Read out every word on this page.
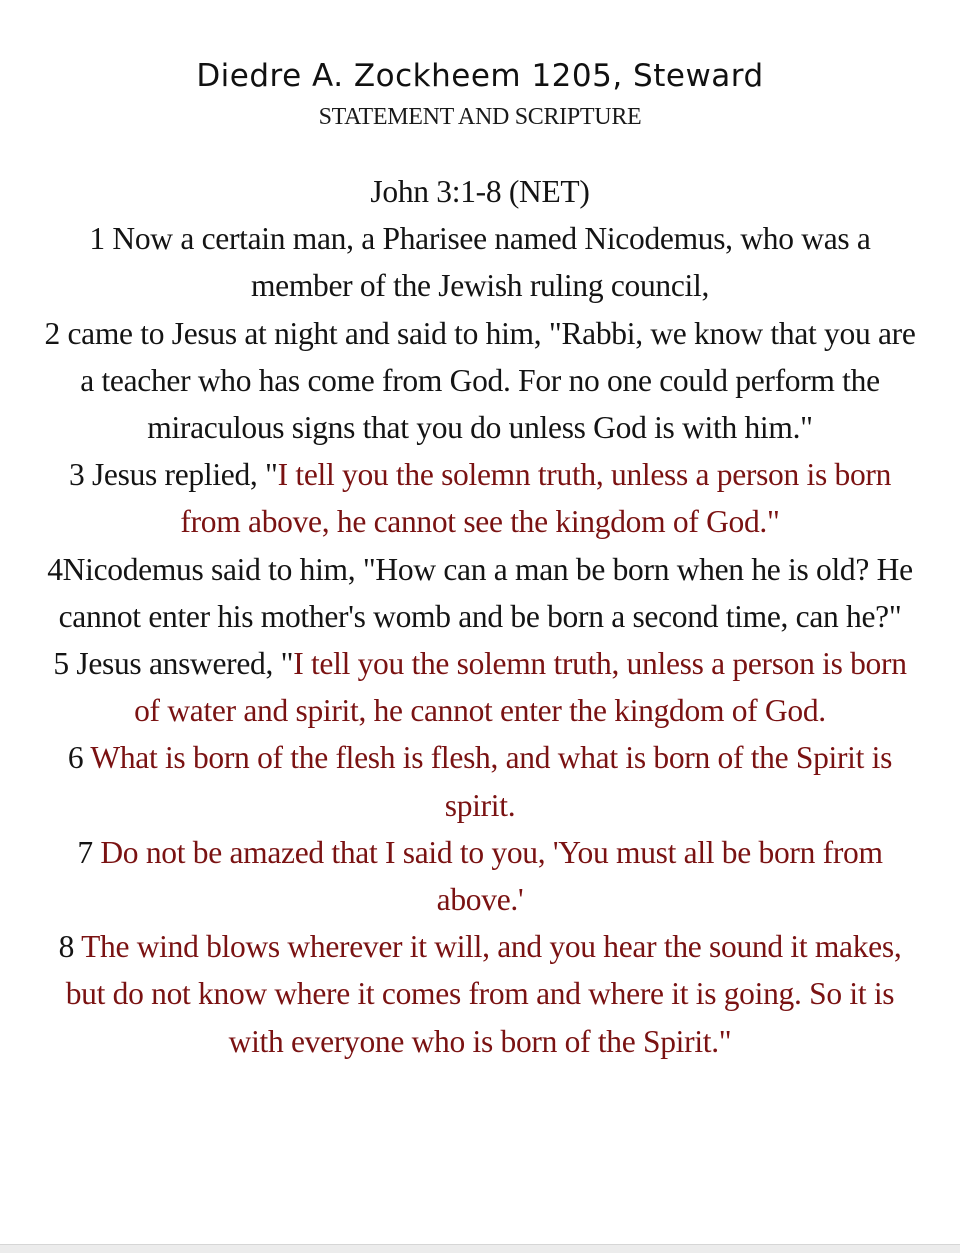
Diedre A. Zockheem 1205, Steward
STATEMENT AND SCRIPTURE
John 3:1-8 (NET)
1 Now a certain man, a Pharisee named Nicodemus, who was a member of the Jewish ruling council,
2 came to Jesus at night and said to him, "Rabbi, we know that you are a teacher who has come from God. For no one could perform the miraculous signs that you do unless God is with him."
3 Jesus replied, "I tell you the solemn truth, unless a person is born from above, he cannot see the kingdom of God."
4Nicodemus said to him, "How can a man be born when he is old? He cannot enter his mother's womb and be born a second time, can he?"
5 Jesus answered, "I tell you the solemn truth, unless a person is born of water and spirit, he cannot enter the kingdom of God.
6 What is born of the flesh is flesh, and what is born of the Spirit is spirit.
7 Do not be amazed that I said to you, 'You must all be born from above.'
8 The wind blows wherever it will, and you hear the sound it makes, but do not know where it comes from and where it is going. So it is with everyone who is born of the Spirit."
